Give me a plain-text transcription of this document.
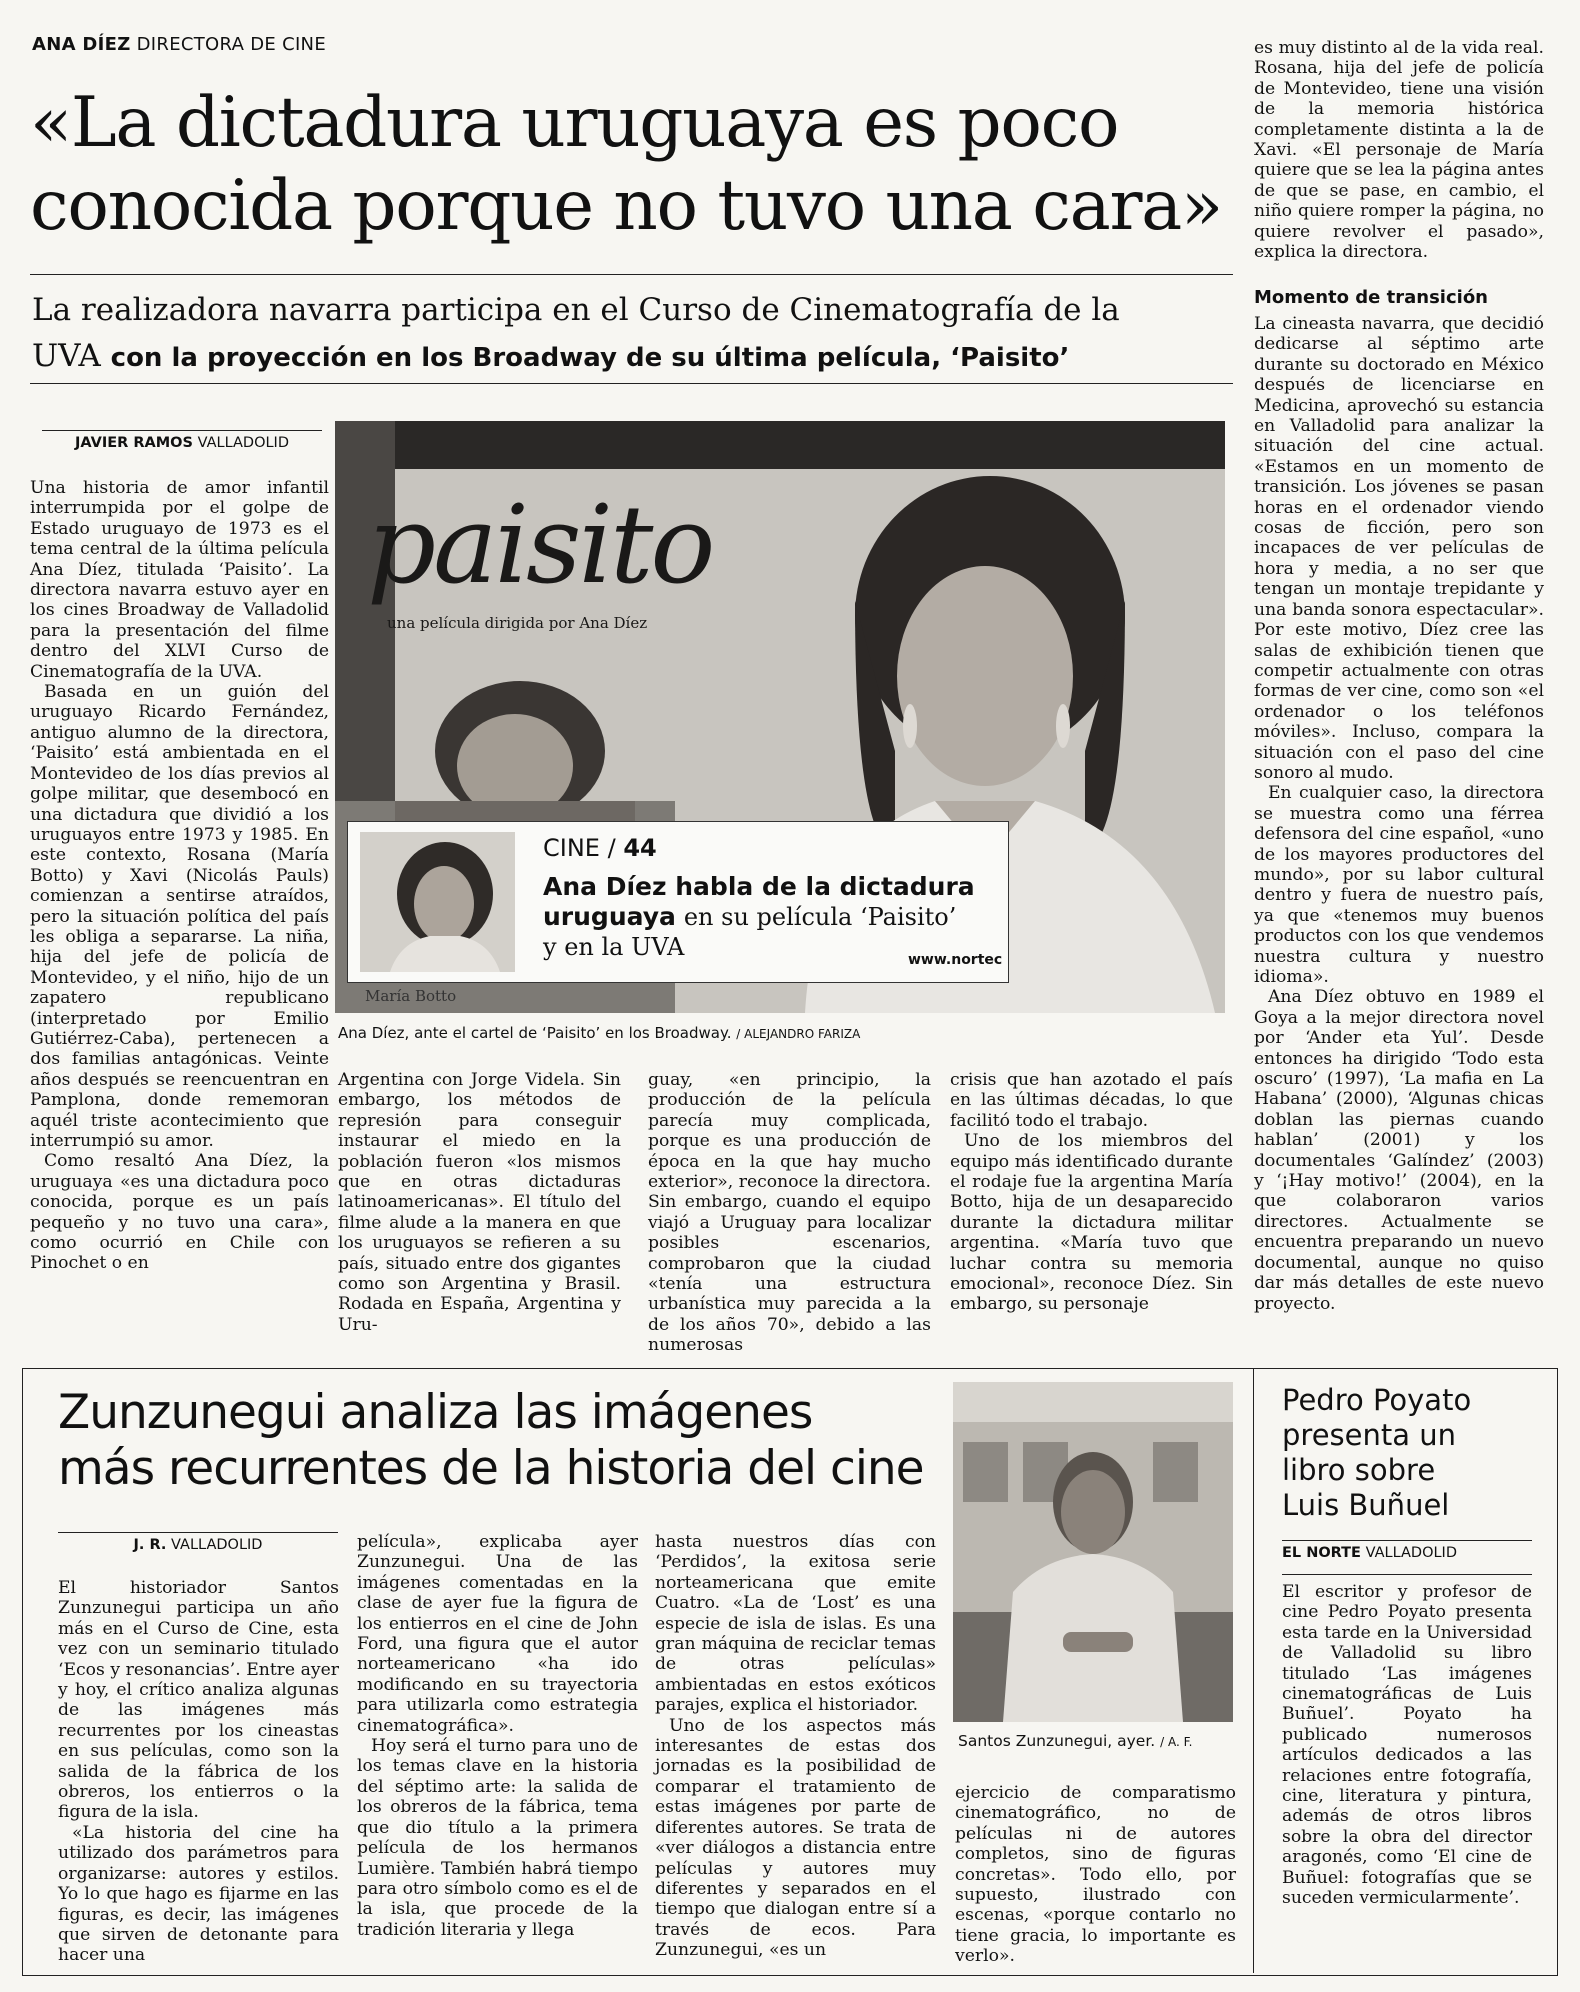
ANA DÍEZ DIRECTORA DE CINE
«La dictadura uruguaya es poco
conocida porque no tuvo una cara»
La realizadora navarra participa en el Curso de Cinematografía de la
UVA con la proyección en los Broadway de su última película, ‘Paisito’
JAVIER RAMOS VALLADOLID
paisito
una película dirigida por Ana Díez
María Botto
CINE / 44
Ana Díez habla de la dictadura
uruguaya en su película ‘Paisito’
y en la UVA	www.nortec
Ana Díez, ante el cartel de ‘Paisito’ en los Broadway. / ALEJANDRO FARIZA

Una historia de amor infantil interrumpida por el golpe de Estado uruguayo de 1973 es el tema central de la última película Ana Díez, titulada ‘Paisito’. La directora navarra estuvo ayer en los cines Broadway de Valladolid para la presentación del filme dentro del XLVI Curso de Cinematografía de la UVA.

Basada en un guión del uruguayo Ricardo Fernández, antiguo alumno de la directora, ‘Paisito’ está ambientada en el Montevideo de los días previos al golpe militar, que desembocó en una dictadura que dividió a los uruguayos entre 1973 y 1985. En este contexto, Rosana (María Botto) y Xavi (Nicolás Pauls) comienzan a sentirse atraídos, pero la situación política del país les obliga a separarse. La niña, hija del jefe de policía de Montevideo, y el niño, hijo de un zapatero republicano (interpretado por Emilio Gutiérrez-Caba), pertenecen a dos familias antagónicas. Veinte años después se reencuentran en Pamplona, donde rememoran aquél triste acontecimiento que interrumpió su amor.

Como resaltó Ana Díez, la uruguaya «es una dictadura poco conocida, porque es un país pequeño y no tuvo una cara», como ocurrió en Chile con Pinochet o en

Argentina con Jorge Videla. Sin embargo, los métodos de represión para conseguir instaurar el miedo en la población fueron «los mismos que en otras dictaduras latinoamericanas». El título del filme alude a la manera en que los uruguayos se refieren a su país, situado entre dos gigantes como son Argentina y Brasil. Rodada en España, Argentina y Uru-

guay, «en principio, la producción de la película parecía muy complicada, porque es una producción de época en la que hay mucho exterior», reconoce la directora. Sin embargo, cuando el equipo viajó a Uruguay para localizar posibles escenarios, comprobaron que la ciudad «tenía una estructura urbanística muy parecida a la de los años 70», debido a las numerosas

crisis que han azotado el país en las últimas décadas, lo que facilitó todo el trabajo.

Uno de los miembros del equipo más identificado durante el rodaje fue la argentina María Botto, hija de un desaparecido durante la dictadura militar argentina. «María tuvo que luchar contra su memoria emocional», reconoce Díez. Sin embargo, su personaje

es muy distinto al de la vida real. Rosana, hija del jefe de policía de Montevideo, tiene una visión de la memoria histórica completamente distinta a la de Xavi. «El personaje de María quiere que se lea la página antes de que se pase, en cambio, el niño quiere romper la página, no quiere revolver el pasado», explica la directora.

Momento de transición

La cineasta navarra, que decidió dedicarse al séptimo arte durante su doctorado en México después de licenciarse en Medicina, aprovechó su estancia en Valladolid para analizar la situación del cine actual. «Estamos en un momento de transición. Los jóvenes se pasan horas en el ordenador viendo cosas de ficción, pero son incapaces de ver películas de hora y media, a no ser que tengan un montaje trepidante y una banda sonora espectacular». Por este motivo, Díez cree las salas de exhibición tienen que competir actualmente con otras formas de ver cine, como son «el ordenador o los teléfonos móviles». Incluso, compara la situación con el paso del cine sonoro al mudo.

En cualquier caso, la directora se muestra como una férrea defensora del cine español, «uno de los mayores productores del mundo», por su labor cultural dentro y fuera de nuestro país, ya que «tenemos muy buenos productos con los que vendemos nuestra cultura y nuestro idioma».

Ana Díez obtuvo en 1989 el Goya a la mejor directora novel por ‘Ander eta Yul’. Desde entonces ha dirigido ‘Todo esta oscuro’ (1997), ‘La mafia en La Habana’ (2000), ‘Algunas chicas doblan las piernas cuando hablan’ (2001) y los documentales ‘Galíndez’ (2003) y ‘¡Hay motivo!’ (2004), en la que colaboraron varios directores. Actualmente se encuentra preparando un nuevo documental, aunque no quiso dar más detalles de este nuevo proyecto.

Zunzunegui analiza las imágenes
más recurrentes de la historia del cine
J. R. VALLADOLID

El historiador Santos Zunzunegui participa un año más en el Curso de Cine, esta vez con un seminario titulado ‘Ecos y resonancias’. Entre ayer y hoy, el crítico analiza algunas de las imágenes más recurrentes por los cineastas en sus películas, como son la salida de la fábrica de los obreros, los entierros o la figura de la isla.

«La historia del cine ha utilizado dos parámetros para organizarse: autores y estilos. Yo lo que hago es fijarme en las figuras, es decir, las imágenes que sirven de detonante para hacer una

película», explicaba ayer Zunzunegui. Una de las imágenes comentadas en la clase de ayer fue la figura de los entierros en el cine de John Ford, una figura que el autor norteamericano «ha ido modificando en su trayectoria para utilizarla como estrategia cinematográfica».

Hoy será el turno para uno de los temas clave en la historia del séptimo arte: la salida de los obreros de la fábrica, tema que dio título a la primera película de los hermanos Lumière. También habrá tiempo para otro símbolo como es el de la isla, que procede de la tradición literaria y llega

hasta nuestros días con ‘Perdidos’, la exitosa serie norteamericana que emite Cuatro. «La de ‘Lost’ es una especie de isla de islas. Es una gran máquina de reciclar temas de otras películas» ambientadas en estos exóticos parajes, explica el historiador.

Uno de los aspectos más interesantes de estas dos jornadas es la posibilidad de comparar el tratamiento de estas imágenes por parte de diferentes autores. Se trata de «ver diálogos a distancia entre películas y autores muy diferentes y separados en el tiempo que dialogan entre sí a través de ecos. Para Zunzunegui, «es un

Santos Zunzunegui, ayer. / A. F.

ejercicio de comparatismo cinematográfico, no de películas ni de autores completos, sino de figuras concretas». Todo ello, por supuesto, ilustrado con escenas, «porque contarlo no tiene gracia, lo importante es verlo».

Pedro Poyato
presenta un
libro sobre
Luis Buñuel
EL NORTE VALLADOLID

El escritor y profesor de cine Pedro Poyato presenta esta tarde en la Universidad de Valladolid su libro titulado ‘Las imágenes cinematográficas de Luis Buñuel’. Poyato ha publicado numerosos artículos dedicados a las relaciones entre fotografía, cine, literatura y pintura, además de otros libros sobre la obra del director aragonés, como ‘El cine de Buñuel: fotografías que se suceden vermicularmente’.
